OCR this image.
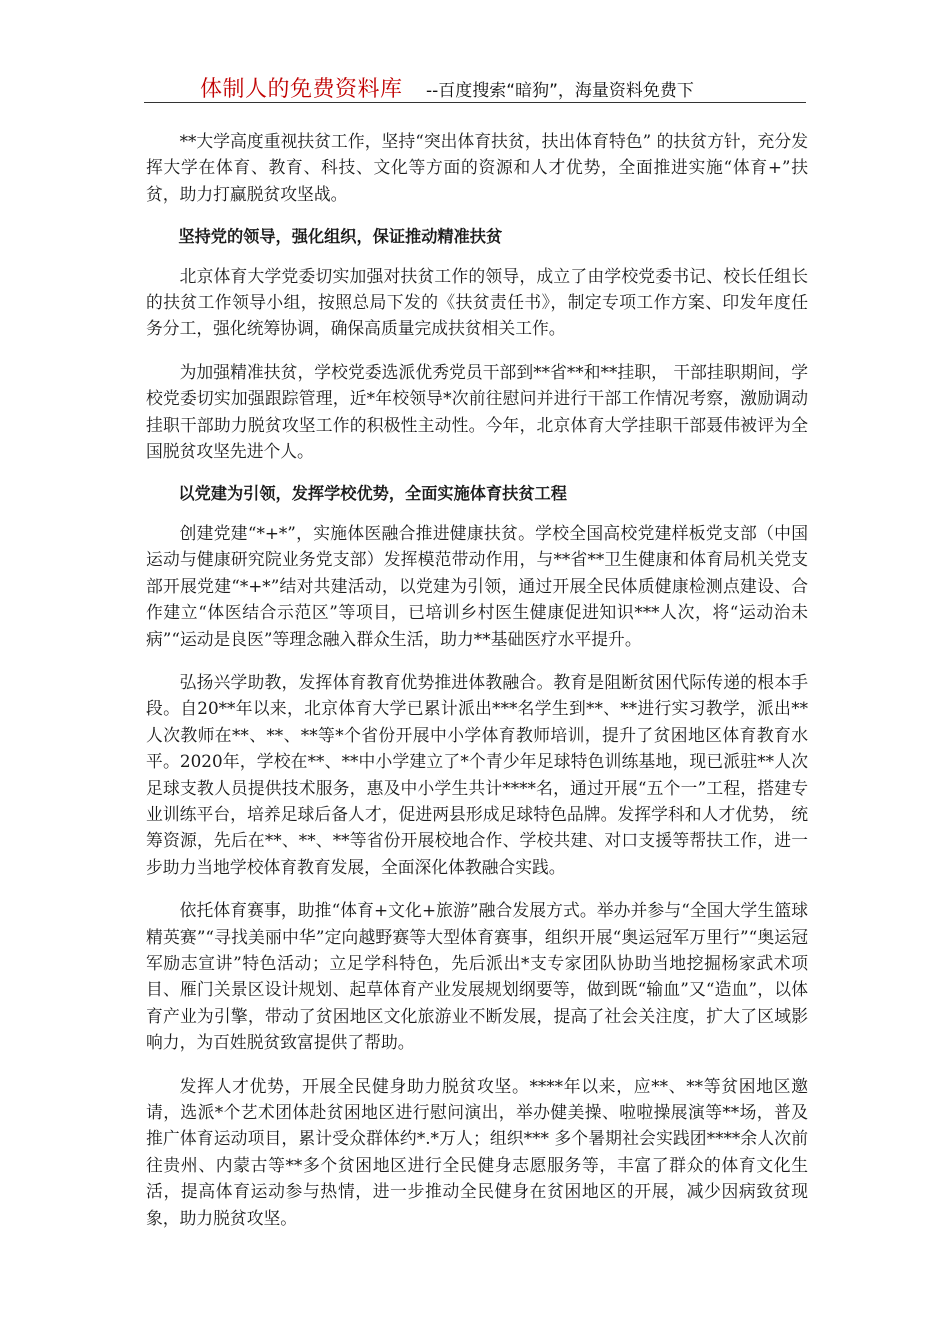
体制人的免费资料库 --百度搜索“暗狗”，海量资料免费下

**大学高度重视扶贫工作，坚持“突出体育扶贫，扶出体育特色” 的扶贫方针，充分发挥大学在体育、教育、科技、文化等方面的资源和人才优势，全面推进实施“体育+”扶贫，助力打赢脱贫攻坚战。

坚持党的领导，强化组织，保证推动精准扶贫

北京体育大学党委切实加强对扶贫工作的领导，成立了由学校党委书记、校长任组长的扶贫工作领导小组，按照总局下发的《扶贫责任书》，制定专项工作方案、印发年度任务分工，强化统筹协调，确保高质量完成扶贫相关工作。

为加强精准扶贫，学校党委选派优秀党员干部到**省**和**挂职， 干部挂职期间，学校党委切实加强跟踪管理，近*年校领导*次前往慰问并进行干部工作情况考察，激励调动挂职干部助力脱贫攻坚工作的积极性主动性。今年，北京体育大学挂职干部聂伟被评为全国脱贫攻坚先进个人。

以党建为引领，发挥学校优势，全面实施体育扶贫工程

创建党建“*+*”，实施体医融合推进健康扶贫。学校全国高校党建样板党支部（中国运动与健康研究院业务党支部）发挥模范带动作用，与**省**卫生健康和体育局机关党支部开展党建“*+*”结对共建活动，以党建为引领，通过开展全民体质健康检测点建设、合作建立“体医结合示范区”等项目，已培训乡村医生健康促进知识***人次，将“运动治未病”“运动是良医”等理念融入群众生活，助力**基础医疗水平提升。

弘扬兴学助教，发挥体育教育优势推进体教融合。教育是阻断贫困代际传递的根本手段。自20**年以来，北京体育大学已累计派出***名学生到**、**进行实习教学，派出**人次教师在**、**、**等*个省份开展中小学体育教师培训，提升了贫困地区体育教育水平。2020年，学校在**、**中小学建立了*个青少年足球特色训练基地，现已派驻**人次足球支教人员提供技术服务，惠及中小学生共计****名，通过开展“五个一”工程，搭建专业训练平台，培养足球后备人才，促进两县形成足球特色品牌。发挥学科和人才优势， 统筹资源，先后在**、**、**等省份开展校地合作、学校共建、对口支援等帮扶工作，进一步助力当地学校体育教育发展，全面深化体教融合实践。

依托体育赛事，助推“体育+文化+旅游”融合发展方式。举办并参与“全国大学生篮球精英赛”“寻找美丽中华”定向越野赛等大型体育赛事，组织开展“奥运冠军万里行”“奥运冠军励志宣讲”特色活动；立足学科特色，先后派出*支专家团队协助当地挖掘杨家武术项目、雁门关景区设计规划、起草体育产业发展规划纲要等，做到既“输血”又“造血”，以体育产业为引擎，带动了贫困地区文化旅游业不断发展，提高了社会关注度，扩大了区域影响力，为百姓脱贫致富提供了帮助。

发挥人才优势，开展全民健身助力脱贫攻坚。****年以来，应**、**等贫困地区邀请，选派*个艺术团体赴贫困地区进行慰问演出，举办健美操、啦啦操展演等**场，普及推广体育运动项目，累计受众群体约*.*万人；组织*** 多个暑期社会实践团****余人次前往贵州、内蒙古等**多个贫困地区进行全民健身志愿服务等，丰富了群众的体育文化生活，提高体育运动参与热情，进一步推动全民健身在贫困地区的开展，减少因病致贫现象，助力脱贫攻坚。
